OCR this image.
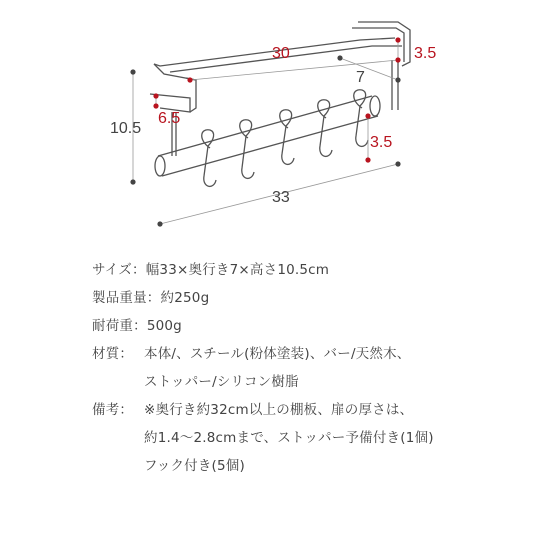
30	3.5
7
10.5
6.5
3.5
33
サイズ： 幅33×奥行き7×高さ10.5cm
製品重量： 約250g
耐荷重： 500g
材質： 本体/、スチール(粉体塗装)、バー/天然木、
ストッパー/シリコン樹脂
備考： ※奥行き約32cm以上の棚板、扉の厚さは、
約1.4〜2.8cmまで、ストッパー予備付き(1個)
フック付き(5個)
